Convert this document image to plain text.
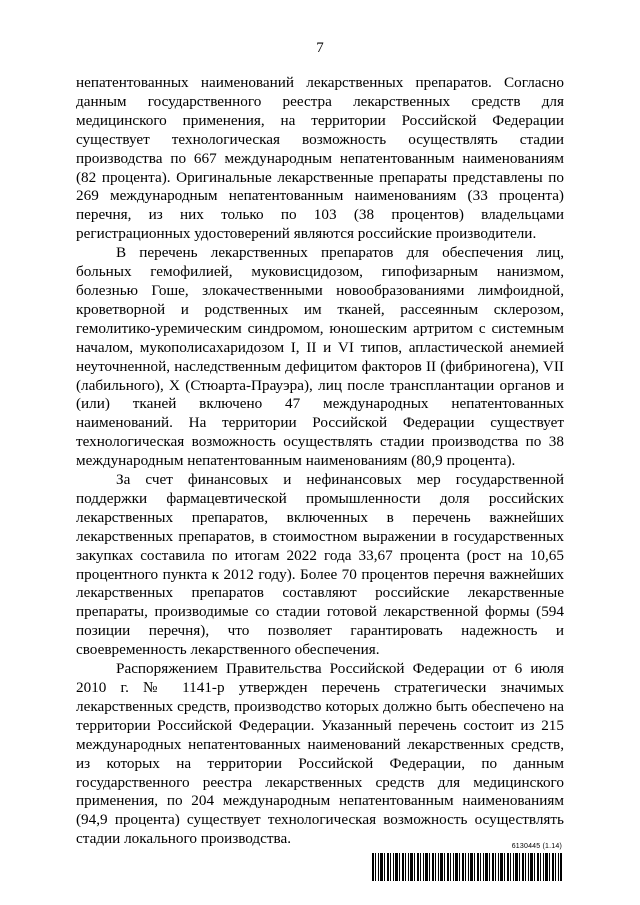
7

непатентованных наименований лекарственных препаратов. Согласно данным государственного реестра лекарственных средств для медицинского применения, на территории Российской Федерации существует технологическая возможность осуществлять стадии производства по 667 международным непатентованным наименованиям (82 процента). Оригинальные лекарственные препараты представлены по 269 международным непатентованным наименованиям (33 процента) перечня, из них только по 103 (38 процентов) владельцами регистрационных удостоверений являются российские производители.

В перечень лекарственных препаратов для обеспечения лиц, больных гемофилией, муковисцидозом, гипофизарным нанизмом, болезнью Гоше, злокачественными новообразованиями лимфоидной, кроветворной и родственных им тканей, рассеянным склерозом, гемолитико-уремическим синдромом, юношеским артритом с системным началом, мукополисахаридозом I, II и VI типов, апластической анемией неуточненной, наследственным дефицитом факторов II (фибриногена), VII (лабильного), X (Стюарта-Прауэра), лиц после трансплантации органов и (или) тканей включено 47 международных непатентованных наименований. На территории Российской Федерации существует технологическая возможность осуществлять стадии производства по 38 международным непатентованным наименованиям (80,9 процента).

За счет финансовых и нефинансовых мер государственной поддержки фармацевтической промышленности доля российских лекарственных препаратов, включенных в перечень важнейших лекарственных препаратов, в стоимостном выражении в государственных закупках составила по итогам 2022 года 33,67 процента (рост на 10,65 процентного пункта к 2012 году). Более 70 процентов перечня важнейших лекарственных препаратов составляют российские лекарственные препараты, производимые со стадии готовой лекарственной формы (594 позиции перечня), что позволяет гарантировать надежность и своевременность лекарственного обеспечения.

Распоряжением Правительства Российской Федерации от 6 июля 2010 г. № 1141-р утвержден перечень стратегически значимых лекарственных средств, производство которых должно быть обеспечено на территории Российской Федерации. Указанный перечень состоит из 215 международных непатентованных наименований лекарственных средств, из которых на территории Российской Федерации, по данным государственного реестра лекарственных средств для медицинского применения, по 204 международным непатентованным наименованиям (94,9 процента) существует технологическая возможность осуществлять стадии локального производства.	6130445 (1.14)
